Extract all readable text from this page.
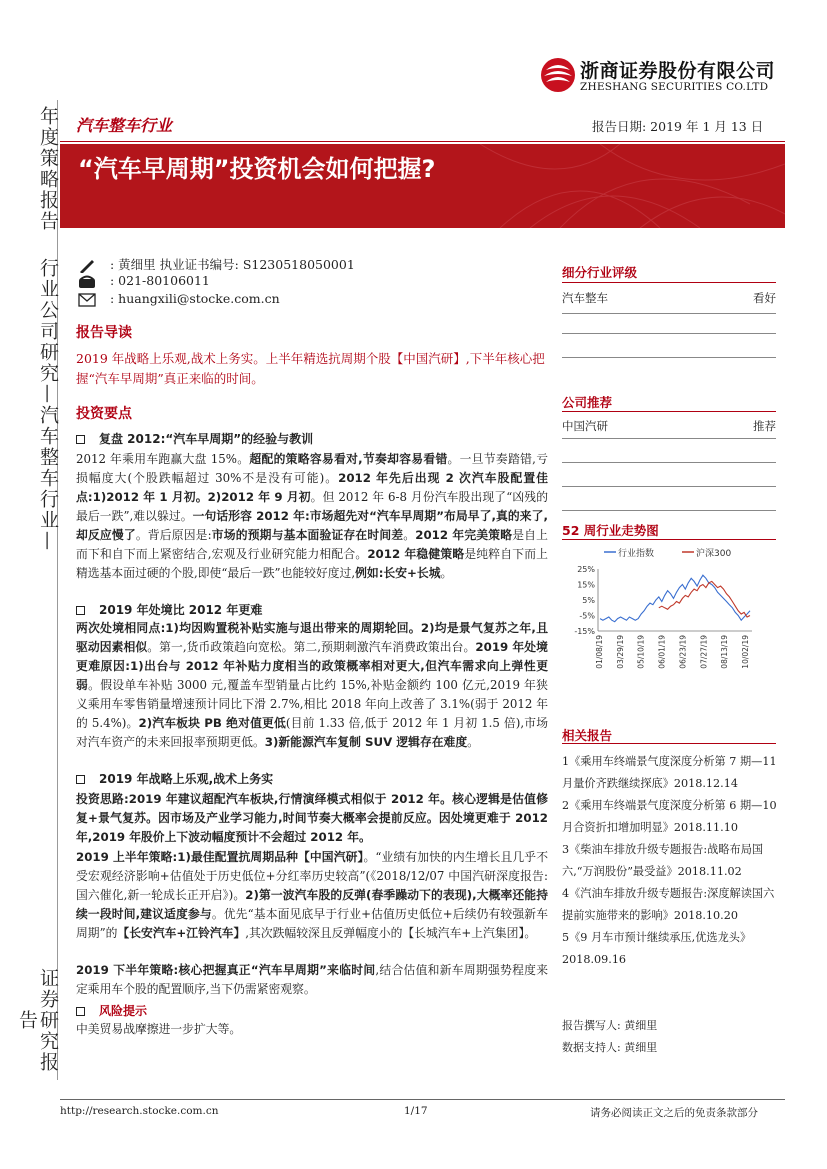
浙商证券股份有限公司
ZHESHANG SECURITIES CO.LTD
年度策略报告
行业公司研究—汽车整车行业—
证券研究报告
汽车整车行业	报告日期: 2019 年 1 月 13 日
“汽车早周期”投资机会如何把握?
: 黄细里 执业证书编号: S1230518050001
: 021-80106011
: huangxili@stocke.com.cn
报告导读
2019 年战略上乐观,战术上务实。上半年精选抗周期个股【中国汽研】,下半年核心把握“汽车早周期”真正来临的时间。
投资要点
复盘 2012:“汽车早周期”的经验与教训
2012 年乘用车跑赢大盘 15%。超配的策略容易看对,节奏却容易看错。一旦节奏踏错,亏损幅度大(个股跌幅超过 30%不是没有可能)。2012 年先后出现 2 次汽车股配置佳点:1)2012 年 1 月初。2)2012 年 9 月初。但 2012 年 6-8 月份汽车股出现了“凶残的最后一跌”,难以躲过。一句话形容 2012 年:市场超先对“汽车早周期”布局早了,真的来了,却反应慢了。背后原因是:市场的预期与基本面验证存在时间差。2012 年完美策略是自上而下和自下而上紧密结合,宏观及行业研究能力相配合。2012 年稳健策略是纯粹自下而上精选基本面过硬的个股,即使“最后一跌”也能较好度过,例如:长安+长城。
2019 年处境比 2012 年更难
两次处境相同点:1)均因购置税补贴实施与退出带来的周期轮回。2)均是景气复苏之年,且驱动因素相似。第一,货币政策趋向宽松。第二,预期刺激汽车消费政策出台。2019 年处境更难原因:1)出台与 2012 年补贴力度相当的政策概率相对更大,但汽车需求向上弹性更弱。假设单车补贴 3000 元,覆盖车型销量占比约 15%,补贴金额约 100 亿元,2019 年狭义乘用车零售销量增速预计同比下滑 2.7%,相比 2018 年向上改善了 3.1%(弱于 2012 年的 5.4%)。2)汽车板块 PB 绝对值更低(目前 1.33 倍,低于 2012 年 1 月初 1.5 倍),市场对汽车资产的未来回报率预期更低。3)新能源汽车复制 SUV 逻辑存在难度。
2019 年战略上乐观,战术上务实
投资思路:2019 年建议超配汽车板块,行情演绎模式相似于 2012 年。核心逻辑是估值修复+景气复苏。因市场及产业学习能力,时间节奏大概率会提前反应。因处境更难于 2012 年,2019 年股价上下波动幅度预计不会超过 2012 年。
2019 上半年策略:1)最佳配置抗周期品种【中国汽研】。“业绩有加快的内生增长且几乎不受宏观经济影响+估值处于历史低位+分红率历史较高”(《2018/12/07 中国汽研深度报告:国六催化,新一轮成长正开启》)。2)第一波汽车股的反弹(春季躁动下的表现),大概率还能持续一段时间,建议适度参与。优先“基本面见底早于行业+估值历史低位+后续仍有较强新车周期”的【长安汽车+江铃汽车】,其次跌幅较深且反弹幅度小的【长城汽车+上汽集团】。
2019 下半年策略:核心把握真正“汽车早周期”来临时间,结合估值和新车周期强势程度来定乘用车个股的配置顺序,当下仍需紧密观察。
风险提示
中美贸易战摩擦进一步扩大等。
细分行业评级
汽车整车	看好
公司推荐
中国汽研	推荐
52 周行业走势图
行业指数	沪深300
25%
15%
5%
-5%
-15%
01/08/19 03/29/19 05/10/19 06/01/19 06/23/19 07/27/19 08/13/19 10/02/19
相关报告
1《乘用车终端景气度深度分析第 7 期—11 月量价齐跌继续探底》2018.12.14
2《乘用车终端景气度深度分析第 6 期—10 月合资折扣增加明显》2018.11.10
3《柴油车排放升级专题报告:战略布局国六,“万润股份”最受益》2018.11.02
4《汽油车排放升级专题报告:深度解读国六提前实施带来的影响》2018.10.20
5《9 月车市预计继续承压,优选龙头》2018.09.16
报告撰写人: 黄细里
数据支持人: 黄细里
http://research.stocke.com.cn	1/17	请务必阅读正文之后的免责条款部分
